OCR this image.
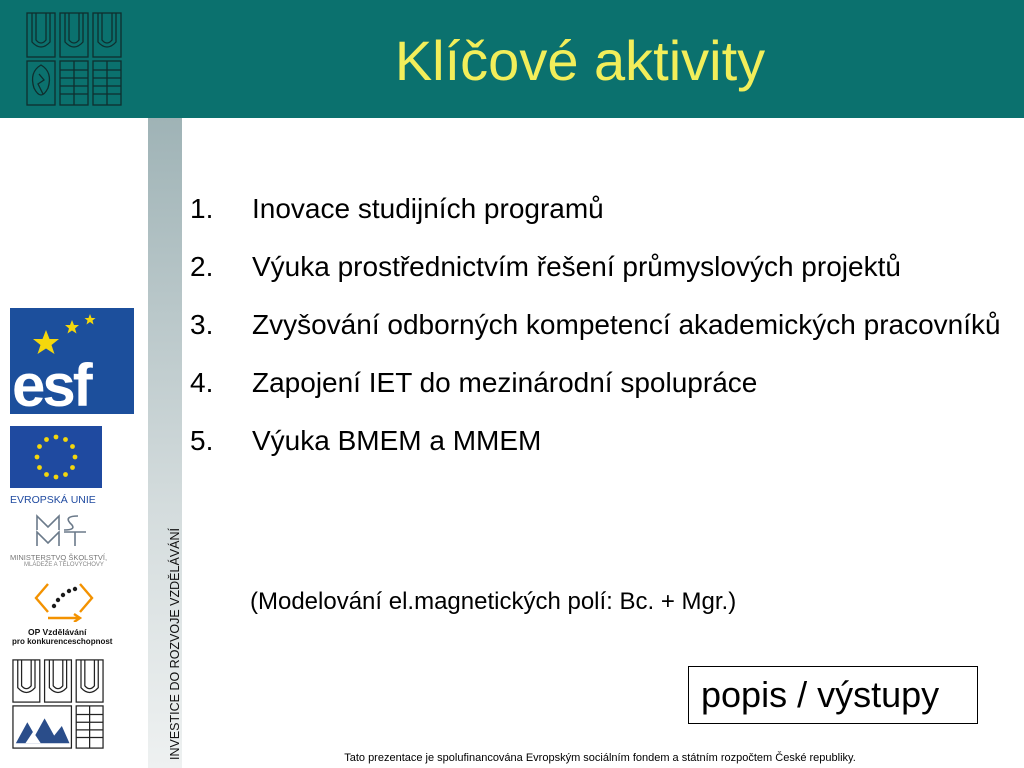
Klíčové aktivity
INVESTICE DO ROZVOJE VZDĚLÁVÁNÍ
esf
EVROPSKÁ UNIE
MINISTERSTVO ŠKOLSTVÍ,
MLÁDEŽE A TĚLOVÝCHOVY
OP Vzdělávání
pro konkurenceschopnost
1.	Inovace studijních programů
2.	Výuka prostřednictvím řešení průmyslových projektů
3.	Zvyšování odborných kompetencí akademických pracovníků
4.	Zapojení IET do mezinárodní spolupráce
5.	Výuka BMEM a MMEM
(Modelování el.magnetických polí: Bc. + Mgr.)
popis / výstupy
Tato prezentace je spolufinancována Evropským sociálním fondem a státním rozpočtem České republiky.
